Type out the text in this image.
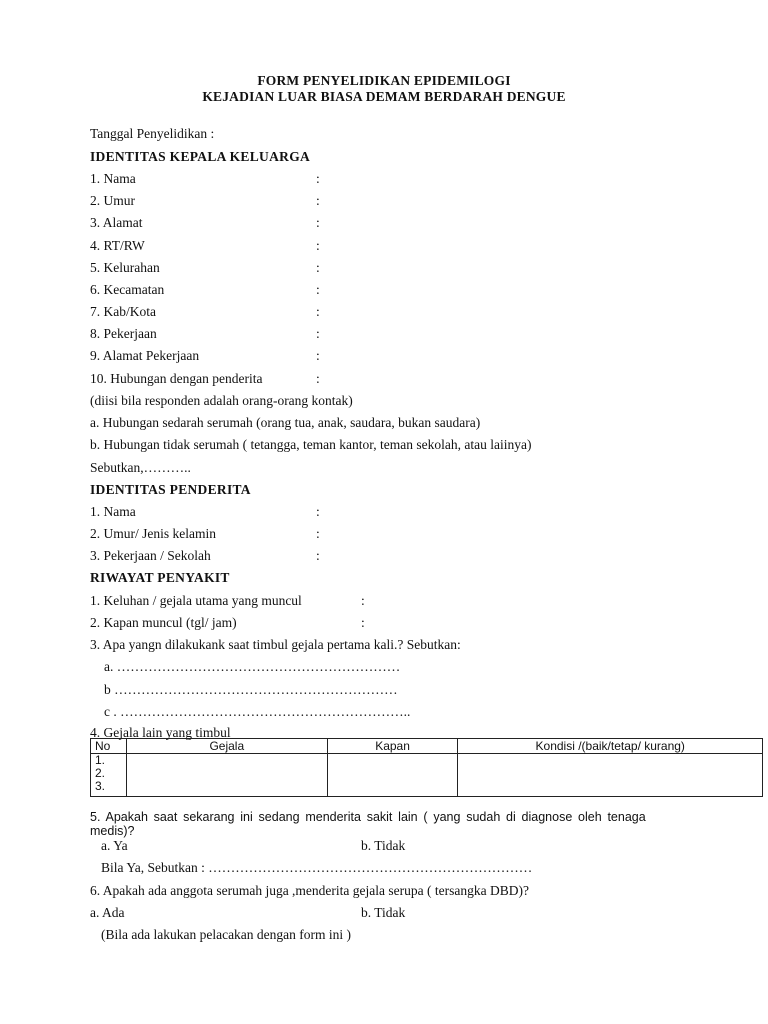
FORM PENYELIDIKAN EPIDEMILOGI
KEJADIAN LUAR BIASA DEMAM BERDARAH DENGUE
Tanggal Penyelidikan :
IDENTITAS KEPALA KELUARGA
1. Nama	:
2. Umur	:
3. Alamat	:
4. RT/RW	:
5. Kelurahan	:
6. Kecamatan	:
7. Kab/Kota	:
8. Pekerjaan	:
9. Alamat Pekerjaan	:
10. Hubungan dengan penderita	:
(diisi bila responden adalah orang-orang kontak)
a. Hubungan sedarah serumah (orang tua, anak, saudara, bukan saudara)
b. Hubungan tidak serumah ( tetangga, teman kantor, teman sekolah, atau laiinya)
Sebutkan,………..
IDENTITAS PENDERITA
1. Nama	:
2. Umur/ Jenis kelamin	:
3. Pekerjaan / Sekolah	:
RIWAYAT PENYAKIT
1. Keluhan / gejala utama yang muncul	:
2. Kapan muncul (tgl/ jam)	:
3. Apa yangn dilakukank saat timbul gejala pertama kali.? Sebutkan:
a. ………………………………………………………
b ………………………………………………………
c . ………………………………………………………..
4. Gejala lain yang timbul
No	Gejala	Kapan	Kondisi /(baik/tetap/ kurang)

1.
2.
3.			

5. Apakah saat sekarang ini sedang menderita sakit lain ( yang sudah di diagnose oleh tenaga
medis)?
a. Ya	b. Tidak
Bila Ya, Sebutkan : ………………………………………………………………
6. Apakah ada anggota serumah juga ,menderita gejala serupa ( tersangka DBD)?
a. Ada	b. Tidak
(Bila ada lakukan pelacakan dengan form ini )
